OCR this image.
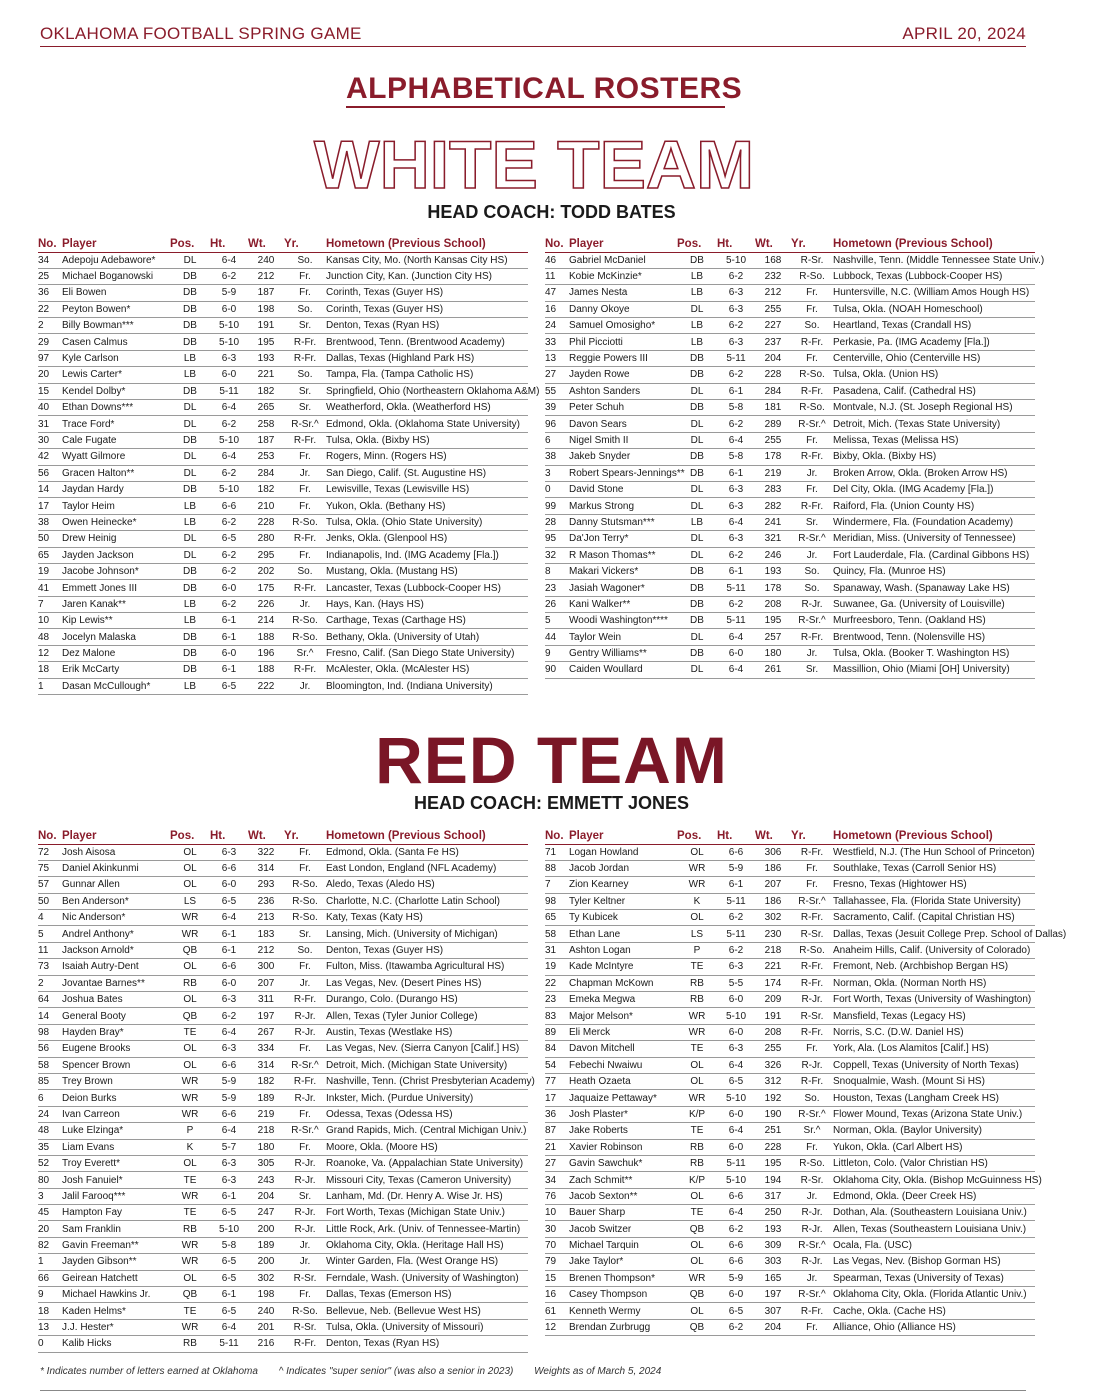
OKLAHOMA FOOTBALL SPRING GAME	APRIL 20, 2024
ALPHABETICAL ROSTERS
WHITE TEAM
HEAD COACH: TODD BATES
No.	Player	Pos.	Ht.	Wt.	Yr.	Hometown (Previous School)
34	Adepoju Adebawore*	DL	6-4	240	So.	Kansas City, Mo. (North Kansas City HS)
25	Michael Boganowski	DB	6-2	212	Fr.	Junction City, Kan. (Junction City HS)
36	Eli Bowen	DB	5-9	187	Fr.	Corinth, Texas (Guyer HS)
22	Peyton Bowen*	DB	6-0	198	So.	Corinth, Texas (Guyer HS)
2	Billy Bowman***	DB	5-10	191	Sr.	Denton, Texas (Ryan HS)
29	Casen Calmus	DB	5-10	195	R-Fr.	Brentwood, Tenn. (Brentwood Academy)
97	Kyle Carlson	LB	6-3	193	R-Fr.	Dallas, Texas (Highland Park HS)
20	Lewis Carter*	LB	6-0	221	So.	Tampa, Fla. (Tampa Catholic HS)
15	Kendel Dolby*	DB	5-11	182	Sr.	Springfield, Ohio (Northeastern Oklahoma A&M)
40	Ethan Downs***	DL	6-4	265	Sr.	Weatherford, Okla. (Weatherford HS)
31	Trace Ford*	DL	6-2	258	R-Sr.^	Edmond, Okla. (Oklahoma State University)
30	Cale Fugate	DB	5-10	187	R-Fr.	Tulsa, Okla. (Bixby HS)
42	Wyatt Gilmore	DL	6-4	253	Fr.	Rogers, Minn. (Rogers HS)
56	Gracen Halton**	DL	6-2	284	Jr.	San Diego, Calif. (St. Augustine HS)
14	Jaydan Hardy	DB	5-10	182	Fr.	Lewisville, Texas (Lewisville HS)
17	Taylor Heim	LB	6-6	210	Fr.	Yukon, Okla. (Bethany HS)
38	Owen Heinecke*	LB	6-2	228	R-So.	Tulsa, Okla. (Ohio State University)
50	Drew Heinig	DL	6-5	280	R-Fr.	Jenks, Okla. (Glenpool HS)
65	Jayden Jackson	DL	6-2	295	Fr.	Indianapolis, Ind. (IMG Academy [Fla.])
19	Jacobe Johnson*	DB	6-2	202	So.	Mustang, Okla. (Mustang HS)
41	Emmett Jones III	DB	6-0	175	R-Fr.	Lancaster, Texas (Lubbock-Cooper HS)
7	Jaren Kanak**	LB	6-2	226	Jr.	Hays, Kan. (Hays HS)
10	Kip Lewis**	LB	6-1	214	R-So.	Carthage, Texas (Carthage HS)
48	Jocelyn Malaska	DB	6-1	188	R-So.	Bethany, Okla. (University of Utah)
12	Dez Malone	DB	6-0	196	Sr.^	Fresno, Calif. (San Diego State University)
18	Erik McCarty	DB	6-1	188	R-Fr.	McAlester, Okla. (McAlester HS)
1	Dasan McCullough*	LB	6-5	222	Jr.	Bloomington, Ind. (Indiana University)
No.	Player	Pos.	Ht.	Wt.	Yr.	Hometown (Previous School)
46	Gabriel McDaniel	DB	5-10	168	R-Sr.	Nashville, Tenn. (Middle Tennessee State Univ.)
11	Kobie McKinzie*	LB	6-2	232	R-So.	Lubbock, Texas (Lubbock-Cooper HS)
47	James Nesta	LB	6-3	212	Fr.	Huntersville, N.C. (William Amos Hough HS)
16	Danny Okoye	DL	6-3	255	Fr.	Tulsa, Okla. (NOAH Homeschool)
24	Samuel Omosigho*	LB	6-2	227	So.	Heartland, Texas (Crandall HS)
33	Phil Picciotti	LB	6-3	237	R-Fr.	Perkasie, Pa. (IMG Academy [Fla.])
13	Reggie Powers III	DB	5-11	204	Fr.	Centerville, Ohio (Centerville HS)
27	Jayden Rowe	DB	6-2	228	R-So.	Tulsa, Okla. (Union HS)
55	Ashton Sanders	DL	6-1	284	R-Fr.	Pasadena, Calif. (Cathedral HS)
39	Peter Schuh	DB	5-8	181	R-So.	Montvale, N.J. (St. Joseph Regional HS)
96	Davon Sears	DL	6-2	289	R-Sr.^	Detroit, Mich. (Texas State University)
6	Nigel Smith II	DL	6-4	255	Fr.	Melissa, Texas (Melissa HS)
38	Jakeb Snyder	DB	5-8	178	R-Fr.	Bixby, Okla. (Bixby HS)
3	Robert Spears-Jennings**	DB	6-1	219	Jr.	Broken Arrow, Okla. (Broken Arrow HS)
0	David Stone	DL	6-3	283	Fr.	Del City, Okla. (IMG Academy [Fla.])
99	Markus Strong	DL	6-3	282	R-Fr.	Raiford, Fla. (Union County HS)
28	Danny Stutsman***	LB	6-4	241	Sr.	Windermere, Fla. (Foundation Academy)
95	Da'Jon Terry*	DL	6-3	321	R-Sr.^	Meridian, Miss. (University of Tennessee)
32	R Mason Thomas**	DL	6-2	246	Jr.	Fort Lauderdale, Fla. (Cardinal Gibbons HS)
8	Makari Vickers*	DB	6-1	193	So.	Quincy, Fla. (Munroe HS)
23	Jasiah Wagoner*	DB	5-11	178	So.	Spanaway, Wash. (Spanaway Lake HS)
26	Kani Walker**	DB	6-2	208	R-Jr.	Suwanee, Ga. (University of Louisville)
5	Woodi Washington****	DB	5-11	195	R-Sr.^	Murfreesboro, Tenn. (Oakland HS)
44	Taylor Wein	DL	6-4	257	R-Fr.	Brentwood, Tenn. (Nolensville HS)
9	Gentry Williams**	DB	6-0	180	Jr.	Tulsa, Okla. (Booker T. Washington HS)
90	Caiden Woullard	DL	6-4	261	Sr.	Massillion, Ohio (Miami [OH] University)
RED TEAM
HEAD COACH: EMMETT JONES
No.	Player	Pos.	Ht.	Wt.	Yr.	Hometown (Previous School)
72	Josh Aisosa	OL	6-3	322	Fr.	Edmond, Okla. (Santa Fe HS)
75	Daniel Akinkunmi	OL	6-6	314	Fr.	East London, England (NFL Academy)
57	Gunnar Allen	OL	6-0	293	R-So.	Aledo, Texas (Aledo HS)
50	Ben Anderson*	LS	6-5	236	R-So.	Charlotte, N.C. (Charlotte Latin School)
4	Nic Anderson*	WR	6-4	213	R-So.	Katy, Texas (Katy HS)
5	Andrel Anthony*	WR	6-1	183	Sr.	Lansing, Mich. (University of Michigan)
11	Jackson Arnold*	QB	6-1	212	So.	Denton, Texas (Guyer HS)
73	Isaiah Autry-Dent	OL	6-6	300	Fr.	Fulton, Miss. (Itawamba Agricultural HS)
2	Jovantae Barnes**	RB	6-0	207	Jr.	Las Vegas, Nev. (Desert Pines HS)
64	Joshua Bates	OL	6-3	311	R-Fr.	Durango, Colo. (Durango HS)
14	General Booty	QB	6-2	197	R-Jr.	Allen, Texas (Tyler Junior College)
98	Hayden Bray*	TE	6-4	267	R-Jr.	Austin, Texas (Westlake HS)
56	Eugene Brooks	OL	6-3	334	Fr.	Las Vegas, Nev. (Sierra Canyon [Calif.] HS)
58	Spencer Brown	OL	6-6	314	R-Sr.^	Detroit, Mich. (Michigan State University)
85	Trey Brown	WR	5-9	182	R-Fr.	Nashville, Tenn. (Christ Presbyterian Academy)
6	Deion Burks	WR	5-9	189	R-Jr.	Inkster, Mich. (Purdue University)
24	Ivan Carreon	WR	6-6	219	Fr.	Odessa, Texas (Odessa HS)
48	Luke Elzinga*	P	6-4	218	R-Sr.^	Grand Rapids, Mich. (Central Michigan Univ.)
35	Liam Evans	K	5-7	180	Fr.	Moore, Okla. (Moore HS)
52	Troy Everett*	OL	6-3	305	R-Jr.	Roanoke, Va. (Appalachian State University)
80	Josh Fanuiel*	TE	6-3	243	R-Jr.	Missouri City, Texas (Cameron University)
3	Jalil Farooq***	WR	6-1	204	Sr.	Lanham, Md. (Dr. Henry A. Wise Jr. HS)
45	Hampton Fay	TE	6-5	247	R-Jr.	Fort Worth, Texas (Michigan State Univ.)
20	Sam Franklin	RB	5-10	200	R-Jr.	Little Rock, Ark. (Univ. of Tennessee-Martin)
82	Gavin Freeman**	WR	5-8	189	Jr.	Oklahoma City, Okla. (Heritage Hall HS)
1	Jayden Gibson**	WR	6-5	200	Jr.	Winter Garden, Fla. (West Orange HS)
66	Geirean Hatchett	OL	6-5	302	R-Sr.	Ferndale, Wash. (University of Washington)
9	Michael Hawkins Jr.	QB	6-1	198	Fr.	Dallas, Texas (Emerson HS)
18	Kaden Helms*	TE	6-5	240	R-So.	Bellevue, Neb. (Bellevue West HS)
13	J.J. Hester*	WR	6-4	201	R-Sr.	Tulsa, Okla. (University of Missouri)
0	Kalib Hicks	RB	5-11	216	R-Fr.	Denton, Texas (Ryan HS)
No.	Player	Pos.	Ht.	Wt.	Yr.	Hometown (Previous School)
71	Logan Howland	OL	6-6	306	R-Fr.	Westfield, N.J. (The Hun School of Princeton)
88	Jacob Jordan	WR	5-9	186	Fr.	Southlake, Texas (Carroll Senior HS)
7	Zion Kearney	WR	6-1	207	Fr.	Fresno, Texas (Hightower HS)
98	Tyler Keltner	K	5-11	186	R-Sr.^	Tallahassee, Fla. (Florida State University)
65	Ty Kubicek	OL	6-2	302	R-Fr.	Sacramento, Calif. (Capital Christian HS)
58	Ethan Lane	LS	5-11	230	R-Sr.	Dallas, Texas (Jesuit College Prep. School of Dallas)
31	Ashton Logan	P	6-2	218	R-So.	Anaheim Hills, Calif. (University of Colorado)
19	Kade McIntyre	TE	6-3	221	R-Fr.	Fremont, Neb. (Archbishop Bergan HS)
22	Chapman McKown	RB	5-5	174	R-Fr.	Norman, Okla. (Norman North HS)
23	Emeka Megwa	RB	6-0	209	R-Jr.	Fort Worth, Texas (University of Washington)
83	Major Melson*	WR	5-10	191	R-Sr.	Mansfield, Texas (Legacy HS)
89	Eli Merck	WR	6-0	208	R-Fr.	Norris, S.C. (D.W. Daniel HS)
84	Davon Mitchell	TE	6-3	255	Fr.	York, Ala. (Los Alamitos [Calif.] HS)
54	Febechi Nwaiwu	OL	6-4	326	R-Jr.	Coppell, Texas (University of North Texas)
77	Heath Ozaeta	OL	6-5	312	R-Fr.	Snoqualmie, Wash. (Mount Si HS)
17	Jaquaize Pettaway*	WR	5-10	192	So.	Houston, Texas (Langham Creek HS)
36	Josh Plaster*	K/P	6-0	190	R-Sr.^	Flower Mound, Texas (Arizona State Univ.)
87	Jake Roberts	TE	6-4	251	Sr.^	Norman, Okla. (Baylor University)
21	Xavier Robinson	RB	6-0	228	Fr.	Yukon, Okla. (Carl Albert HS)
27	Gavin Sawchuk*	RB	5-11	195	R-So.	Littleton, Colo. (Valor Christian HS)
34	Zach Schmit**	K/P	5-10	194	R-Sr.	Oklahoma City, Okla. (Bishop McGuinness HS)
76	Jacob Sexton**	OL	6-6	317	Jr.	Edmond, Okla. (Deer Creek HS)
10	Bauer Sharp	TE	6-4	250	R-Jr.	Dothan, Ala. (Southeastern Louisiana Univ.)
30	Jacob Switzer	QB	6-2	193	R-Jr.	Allen, Texas (Southeastern Louisiana Univ.)
70	Michael Tarquin	OL	6-6	309	R-Sr.^	Ocala, Fla. (USC)
79	Jake Taylor*	OL	6-6	303	R-Jr.	Las Vegas, Nev. (Bishop Gorman HS)
15	Brenen Thompson*	WR	5-9	165	Jr.	Spearman, Texas (University of Texas)
16	Casey Thompson	QB	6-0	197	R-Sr.^	Oklahoma City, Okla. (Florida Atlantic Univ.)
61	Kenneth Wermy	OL	6-5	307	R-Fr.	Cache, Okla. (Cache HS)
12	Brendan Zurbrugg	QB	6-2	204	Fr.	Alliance, Ohio (Alliance HS)
* Indicates number of letters earned at Oklahoma ^ Indicates "super senior" (was also a senior in 2023) Weights as of March 5, 2024
